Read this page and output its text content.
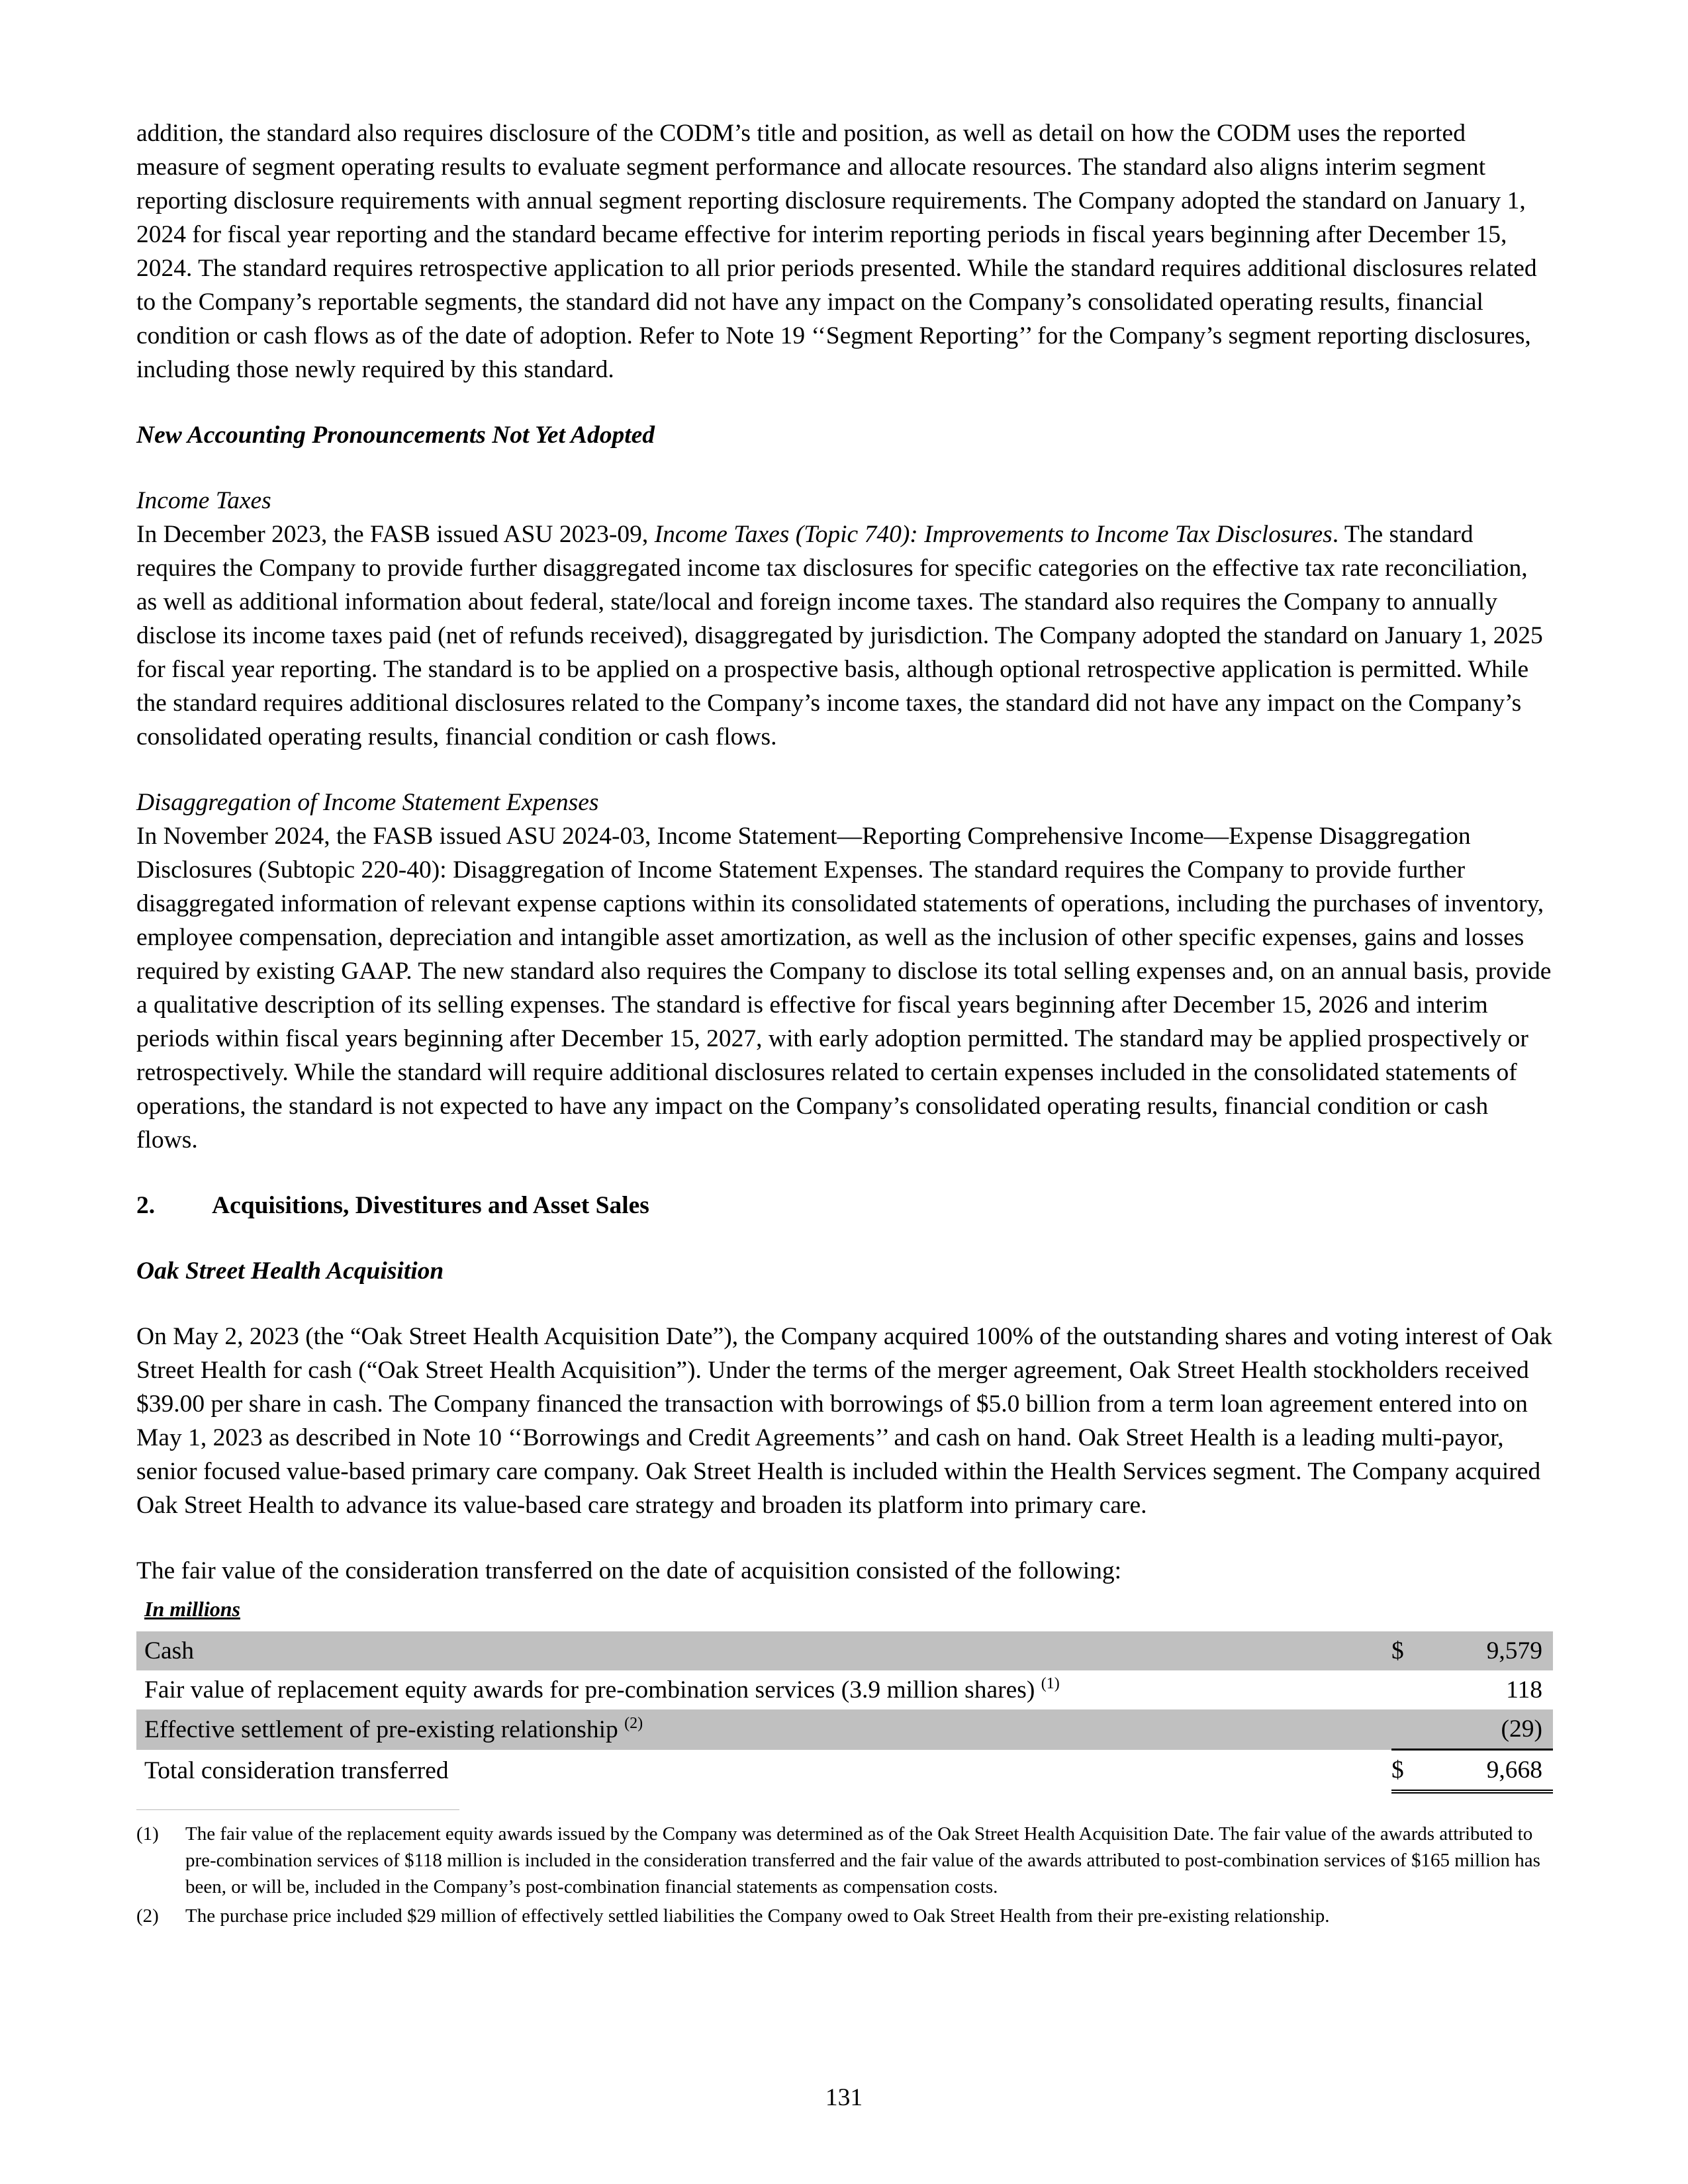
addition, the standard also requires disclosure of the CODM’s title and position, as well as detail on how the CODM uses the reported measure of segment operating results to evaluate segment performance and allocate resources. The standard also aligns interim segment reporting disclosure requirements with annual segment reporting disclosure requirements. The Company adopted the standard on January 1, 2024 for fiscal year reporting and the standard became effective for interim reporting periods in fiscal years beginning after December 15, 2024. The standard requires retrospective application to all prior periods presented. While the standard requires additional disclosures related to the Company’s reportable segments, the standard did not have any impact on the Company’s consolidated operating results, financial condition or cash flows as of the date of adoption. Refer to Note 19 ‘‘Segment Reporting’’ for the Company’s segment reporting disclosures, including those newly required by this standard.

New Accounting Pronouncements Not Yet Adopted

Income Taxes

In December 2023, the FASB issued ASU 2023-09, Income Taxes (Topic 740): Improvements to Income Tax Disclosures. The standard requires the Company to provide further disaggregated income tax disclosures for specific categories on the effective tax rate reconciliation, as well as additional information about federal, state/local and foreign income taxes. The standard also requires the Company to annually disclose its income taxes paid (net of refunds received), disaggregated by jurisdiction. The Company adopted the standard on January 1, 2025 for fiscal year reporting. The standard is to be applied on a prospective basis, although optional retrospective application is permitted. While the standard requires additional disclosures related to the Company’s income taxes, the standard did not have any impact on the Company’s consolidated operating results, financial condition or cash flows.

Disaggregation of Income Statement Expenses

In November 2024, the FASB issued ASU 2024-03, Income Statement—Reporting Comprehensive Income—Expense Disaggregation Disclosures (Subtopic 220-40): Disaggregation of Income Statement Expenses. The standard requires the Company to provide further disaggregated information of relevant expense captions within its consolidated statements of operations, including the purchases of inventory, employee compensation, depreciation and intangible asset amortization, as well as the inclusion of other specific expenses, gains and losses required by existing GAAP. The new standard also requires the Company to disclose its total selling expenses and, on an annual basis, provide a qualitative description of its selling expenses. The standard is effective for fiscal years beginning after December 15, 2026 and interim periods within fiscal years beginning after December 15, 2027, with early adoption permitted. The standard may be applied prospectively or retrospectively. While the standard will require additional disclosures related to certain expenses included in the consolidated statements of operations, the standard is not expected to have any impact on the Company’s consolidated operating results, financial condition or cash flows.

2.	Acquisitions, Divestitures and Asset Sales

Oak Street Health Acquisition

On May 2, 2023 (the “Oak Street Health Acquisition Date”), the Company acquired 100% of the outstanding shares and voting interest of Oak Street Health for cash (“Oak Street Health Acquisition”). Under the terms of the merger agreement, Oak Street Health stockholders received $39.00 per share in cash. The Company financed the transaction with borrowings of $5.0 billion from a term loan agreement entered into on May 1, 2023 as described in Note 10 ‘‘Borrowings and Credit Agreements’’ and cash on hand. Oak Street Health is a leading multi-payor, senior focused value-based primary care company. Oak Street Health is included within the Health Services segment. The Company acquired Oak Street Health to advance its value-based care strategy and broaden its platform into primary care.

The fair value of the consideration transferred on the date of acquisition consisted of the following:

In millions
Cash	$	9,579
Fair value of replacement equity awards for pre-combination services (3.9 million shares) $^{(1)}$		118
Effective settlement of pre-existing relationship $^{(2)}$		(29)
Total consideration transferred	$	9,668
(1)	The fair value of the replacement equity awards issued by the Company was determined as of the Oak Street Health Acquisition Date. The fair value of the awards attributed to pre-combination services of $118 million is included in the consideration transferred and the fair value of the awards attributed to post-combination services of $165 million has been, or will be, included in the Company’s post-combination financial statements as compensation costs.
(2)	The purchase price included $29 million of effectively settled liabilities the Company owed to Oak Street Health from their pre-existing relationship.
131
